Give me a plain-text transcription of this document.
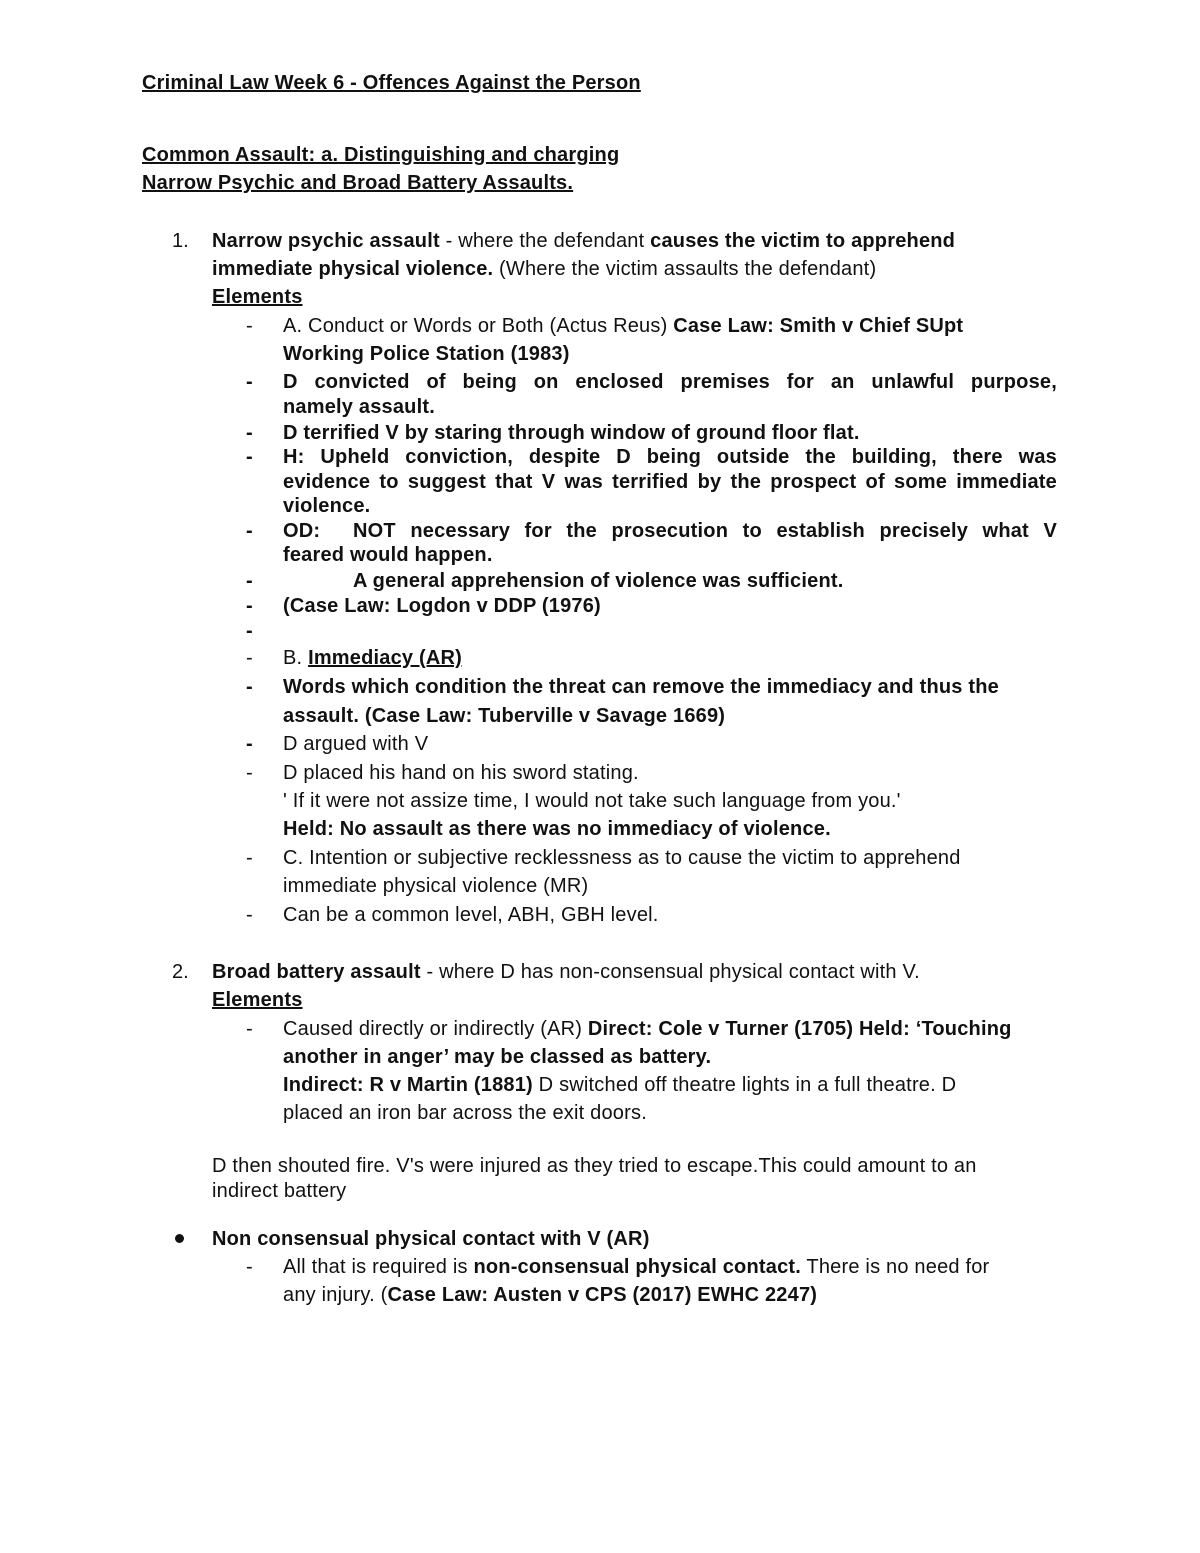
Criminal Law Week 6 - Offences Against the Person
Common Assault: a. Distinguishing and charging
Narrow Psychic and Broad Battery Assaults.
1. Narrow psychic assault - where the defendant causes the victim to apprehend
immediate physical violence. (Where the victim assaults the defendant)
Elements
- A. Conduct or Words or Both (Actus Reus) Case Law: Smith v Chief SUpt
Working Police Station (1983)
- D convicted of being on enclosed premises for an unlawful purpose,
namely assault.
- D terrified V by staring through window of ground floor flat.
- H: Upheld conviction, despite D being outside the building, there was
evidence to suggest that V was terrified by the prospect of some immediate
violence.
- OD: NOT necessary for the prosecution to establish precisely what V
feared would happen.
-	A general apprehension of violence was sufficient.
- (Case Law: Logdon v DDP (1976)
-
- B. Immediacy (AR)
- Words which condition the threat can remove the immediacy and thus the
assault. (Case Law: Tuberville v Savage 1669)
- D argued with V
- D placed his hand on his sword stating.
' If it were not assize time, I would not take such language from you.'
Held: No assault as there was no immediacy of violence.
- C. Intention or subjective recklessness as to cause the victim to apprehend
immediate physical violence (MR)
- Can be a common level, ABH, GBH level.
2. Broad battery assault - where D has non-consensual physical contact with V.
Elements
- Caused directly or indirectly (AR) Direct: Cole v Turner (1705) Held: ‘Touching
another in anger’ may be classed as battery.
Indirect: R v Martin (1881) D switched off theatre lights in a full theatre. D
placed an iron bar across the exit doors.
D then shouted fire. V's were injured as they tried to escape.This could amount to an
indirect battery
Non consensual physical contact with V (AR)
- All that is required is non-consensual physical contact. There is no need for
any injury. (Case Law: Austen v CPS (2017) EWHC 2247)
